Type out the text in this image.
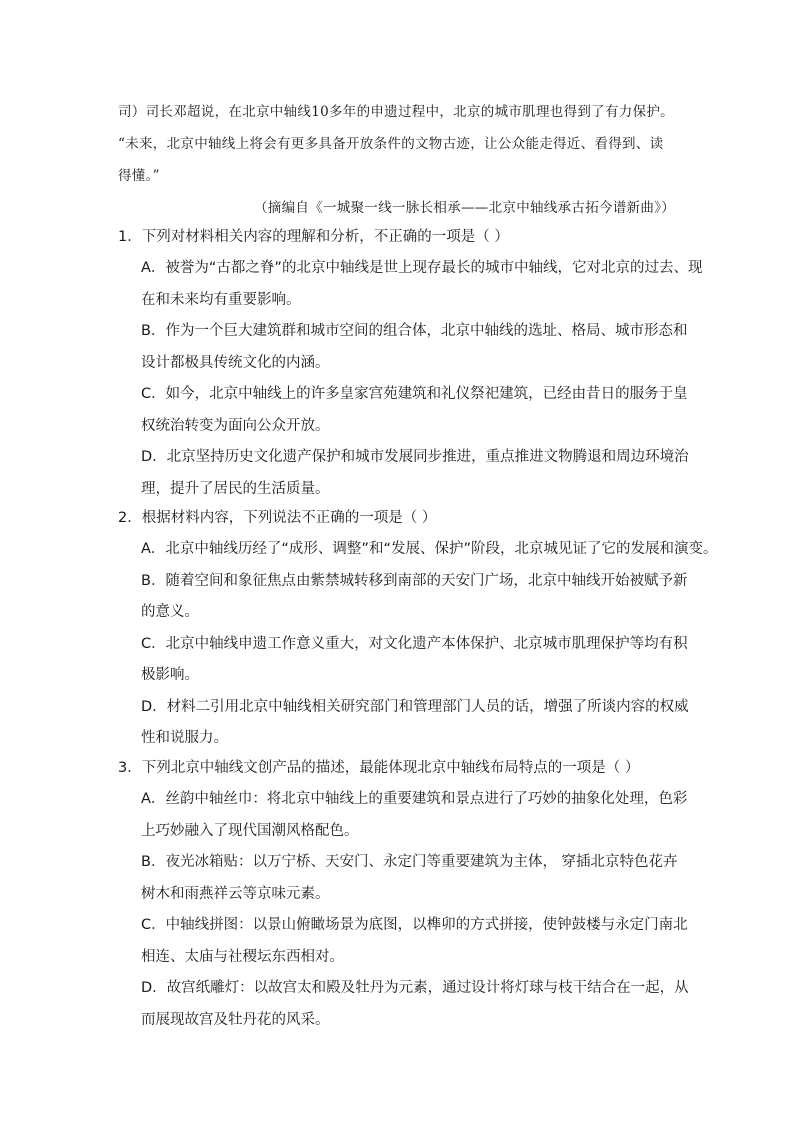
司）司长邓超说，在北京中轴线10多年的申遗过程中，北京的城市肌理也得到了有力保护。
“未来，北京中轴线上将会有更多具备开放条件的文物古迹，让公众能走得近、看得到、读
得懂。”
（摘编自《一城聚一线一脉长相承——北京中轴线承古拓今谱新曲》）
1．下列对材料相关内容的理解和分析，不正确的一项是（ ）
A．被誉为“古都之脊”的北京中轴线是世上现存最长的城市中轴线，它对北京的过去、现
在和未来均有重要影响。
B．作为一个巨大建筑群和城市空间的组合体，北京中轴线的选址、格局、城市形态和
设计都极具传统文化的内涵。
C．如今，北京中轴线上的许多皇家宫苑建筑和礼仪祭祀建筑，已经由昔日的服务于皇
权统治转变为面向公众开放。
D．北京坚持历史文化遗产保护和城市发展同步推进，重点推进文物腾退和周边环境治
理，提升了居民的生活质量。
2．根据材料内容，下列说法不正确的一项是（ ）
A．北京中轴线历经了“成形、调整”和“发展、保护”阶段，北京城见证了它的发展和演变。
B．随着空间和象征焦点由紫禁城转移到南部的天安门广场，北京中轴线开始被赋予新
的意义。
C．北京中轴线申遗工作意义重大，对文化遗产本体保护、北京城市肌理保护等均有积
极影响。
D．材料二引用北京中轴线相关研究部门和管理部门人员的话，增强了所谈内容的权威
性和说服力。
3．下列北京中轴线文创产品的描述，最能体现北京中轴线布局特点的一项是（ ）
A．丝韵中轴丝巾：将北京中轴线上的重要建筑和景点进行了巧妙的抽象化处理，色彩
上巧妙融入了现代国潮风格配色。
B．夜光冰箱贴：以万宁桥、天安门、永定门等重要建筑为主体， 穿插北京特色花卉
树木和雨燕祥云等京味元素。
C．中轴线拼图：以景山俯瞰场景为底图，以榫卯的方式拼接，使钟鼓楼与永定门南北
相连、太庙与社稷坛东西相对。
D．故宫纸雕灯：以故宫太和殿及牡丹为元素，通过设计将灯球与枝干结合在一起，从
而展现故宫及牡丹花的风采。
